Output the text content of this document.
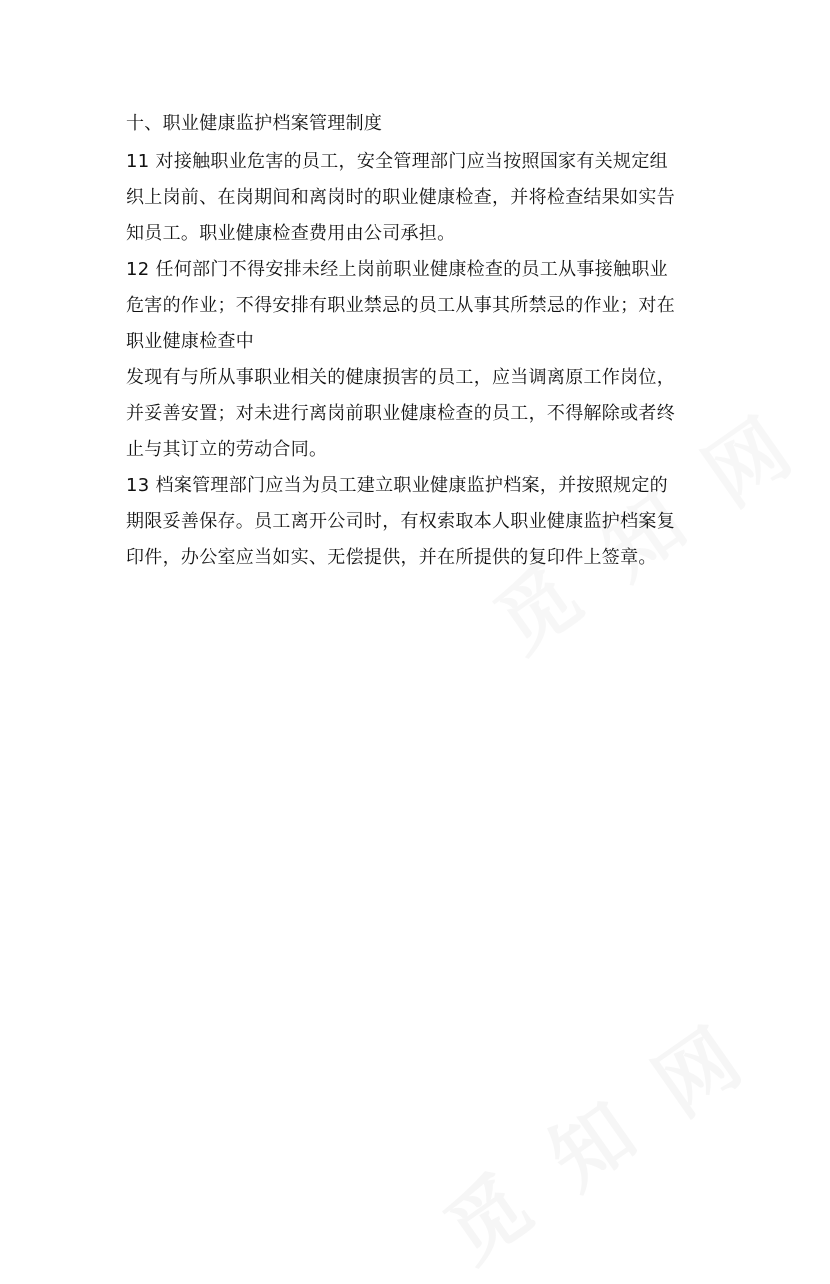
十、职业健康监护档案管理制度
11 对接触职业危害的员工，安全管理部门应当按照国家有关规定组
织上岗前、在岗期间和离岗时的职业健康检查，并将检查结果如实告
知员工。职业健康检查费用由公司承担。
12 任何部门不得安排未经上岗前职业健康检查的员工从事接触职业
危害的作业；不得安排有职业禁忌的员工从事其所禁忌的作业；对在
职业健康检查中
发现有与所从事职业相关的健康损害的员工，应当调离原工作岗位，
并妥善安置；对未进行离岗前职业健康检查的员工，不得解除或者终
止与其订立的劳动合同。
13 档案管理部门应当为员工建立职业健康监护档案，并按照规定的
期限妥善保存。员工离开公司时，有权索取本人职业健康监护档案复
印件，办公室应当如实、无偿提供，并在所提供的复印件上签章。
